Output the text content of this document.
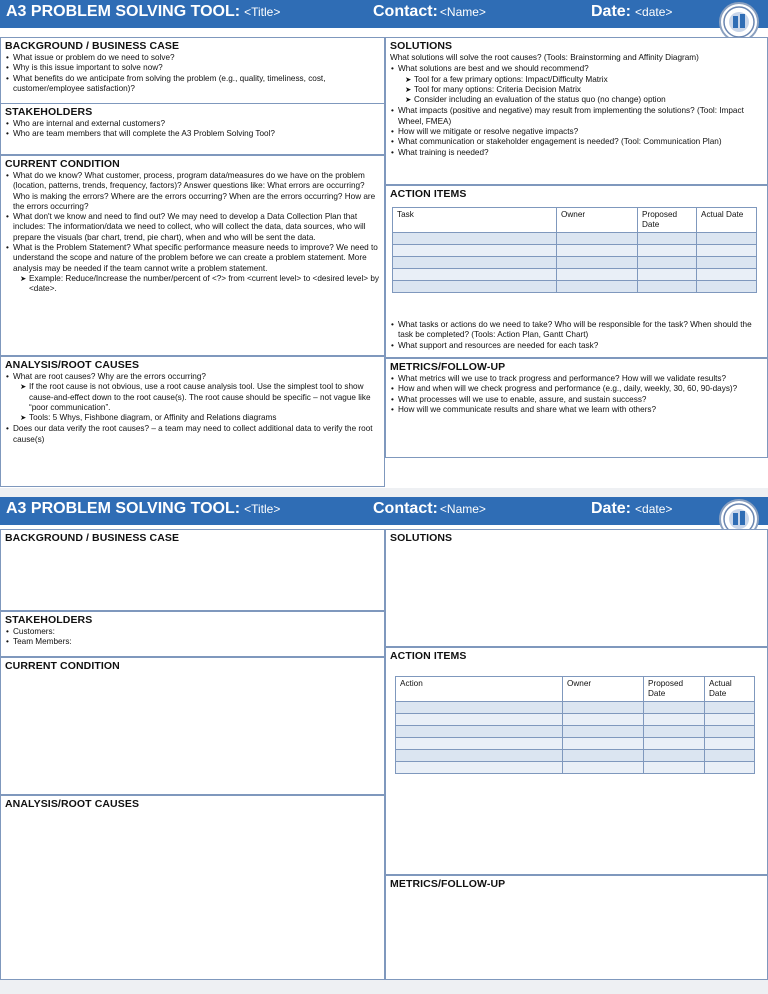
A3 PROBLEM SOLVING TOOL: <Title>	Contact: <Name>	Date: <date>
BACKGROUND / BUSINESS CASE
• What issue or problem do we need to solve?
• Why is this issue important to solve now?
• What benefits do we anticipate from solving the problem (e.g., quality, timeliness, cost, customer/employee satisfaction)?
STAKEHOLDERS
• Who are internal and external customers?
• Who are team members that will complete the A3 Problem Solving Tool?
CURRENT CONDITION
• What do we know? What customer, process, program data/measures do we have on the problem (location, patterns, trends, frequency, factors)? Answer questions like: What errors are occurring? Who is making the errors? Where are the errors occurring? When are the errors occurring? How are the errors occurring?
• What don't we know and need to find out? We may need to develop a Data Collection Plan that includes: The information/data we need to collect, who will collect the data, data sources, who will prepare the visuals (bar chart, trend, pie chart), when and who will be sent the data.
• What is the Problem Statement? What specific performance measure needs to improve? We need to understand the scope and nature of the problem before we can create a problem statement. More analysis may be needed if the team cannot write a problem statement.
➤ Example: Reduce/Increase the number/percent of <?> from <current level> to <desired level> by <date>.
ANALYSIS/ROOT CAUSES
• What are root causes? Why are the errors occurring?
➤ If the root cause is not obvious, use a root cause analysis tool. Use the simplest tool to show cause-and-effect down to the root cause(s). The root cause should be specific – not vague like “poor communication”.
➤ Tools: 5 Whys, Fishbone diagram, or Affinity and Relations diagrams
• Does our data verify the root causes? – a team may need to collect additional data to verify the root cause(s)
SOLUTIONS
What solutions will solve the root causes? (Tools: Brainstorming and Affinity Diagram)
• What solutions are best and we should recommend?
➤ Tool for a few primary options: Impact/Difficulty Matrix
➤ Tool for many options: Criteria Decision Matrix
➤ Consider including an evaluation of the status quo (no change) option
• What impacts (positive and negative) may result from implementing the solutions? (Tool: Impact Wheel, FMEA)
• How will we mitigate or resolve negative impacts?
• What communication or stakeholder engagement is needed? (Tool: Communication Plan)
• What training is needed?
ACTION ITEMS
Task	Owner	Proposed Date	Actual Date

• What tasks or actions do we need to take? Who will be responsible for the task? When should the task be completed? (Tools: Action Plan, Gantt Chart)
• What support and resources are needed for each task?
METRICS/FOLLOW-UP
• What metrics will we use to track progress and performance? How will we validate results?
• How and when will we check progress and performance (e.g., daily, weekly, 30, 60, 90-days)?
• What processes will we use to enable, assure, and sustain success?
• How will we communicate results and share what we learn with others?
A3 PROBLEM SOLVING TOOL: <Title>	Contact: <Name>	Date: <date>
BACKGROUND / BUSINESS CASE
STAKEHOLDERS
• Customers:
• Team Members:
CURRENT CONDITION
ANALYSIS/ROOT CAUSES
SOLUTIONS
ACTION ITEMS
Action	Owner	Proposed Date	Actual Date

METRICS/FOLLOW-UP
